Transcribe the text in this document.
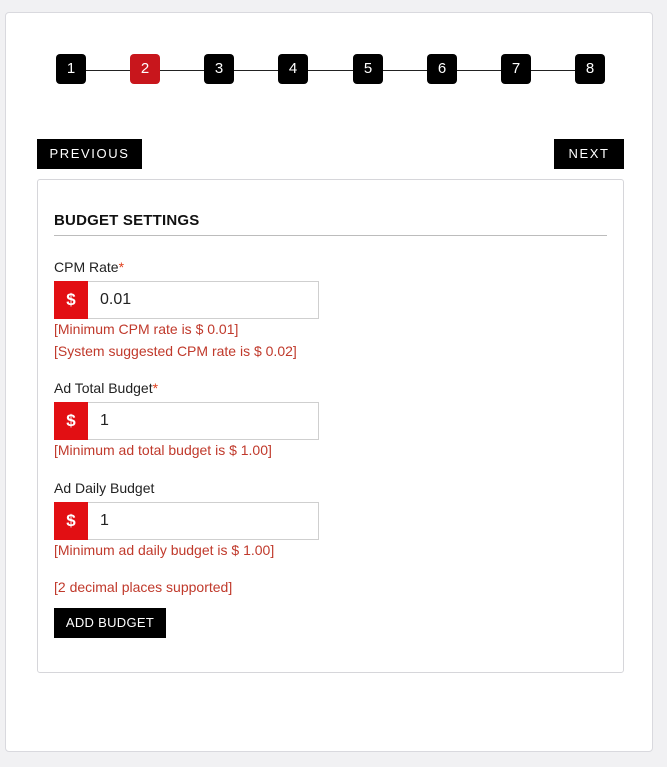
1	2	3	4	5	6	7	8
PREVIOUS	NEXT
BUDGET SETTINGS
CPM Rate*
$
0.01
[Minimum CPM rate is $ 0.01]
[System suggested CPM rate is $ 0.02]
Ad Total Budget*
$
1
[Minimum ad total budget is $ 1.00]
Ad Daily Budget
$
1
[Minimum ad daily budget is $ 1.00]
[2 decimal places supported]
ADD BUDGET
